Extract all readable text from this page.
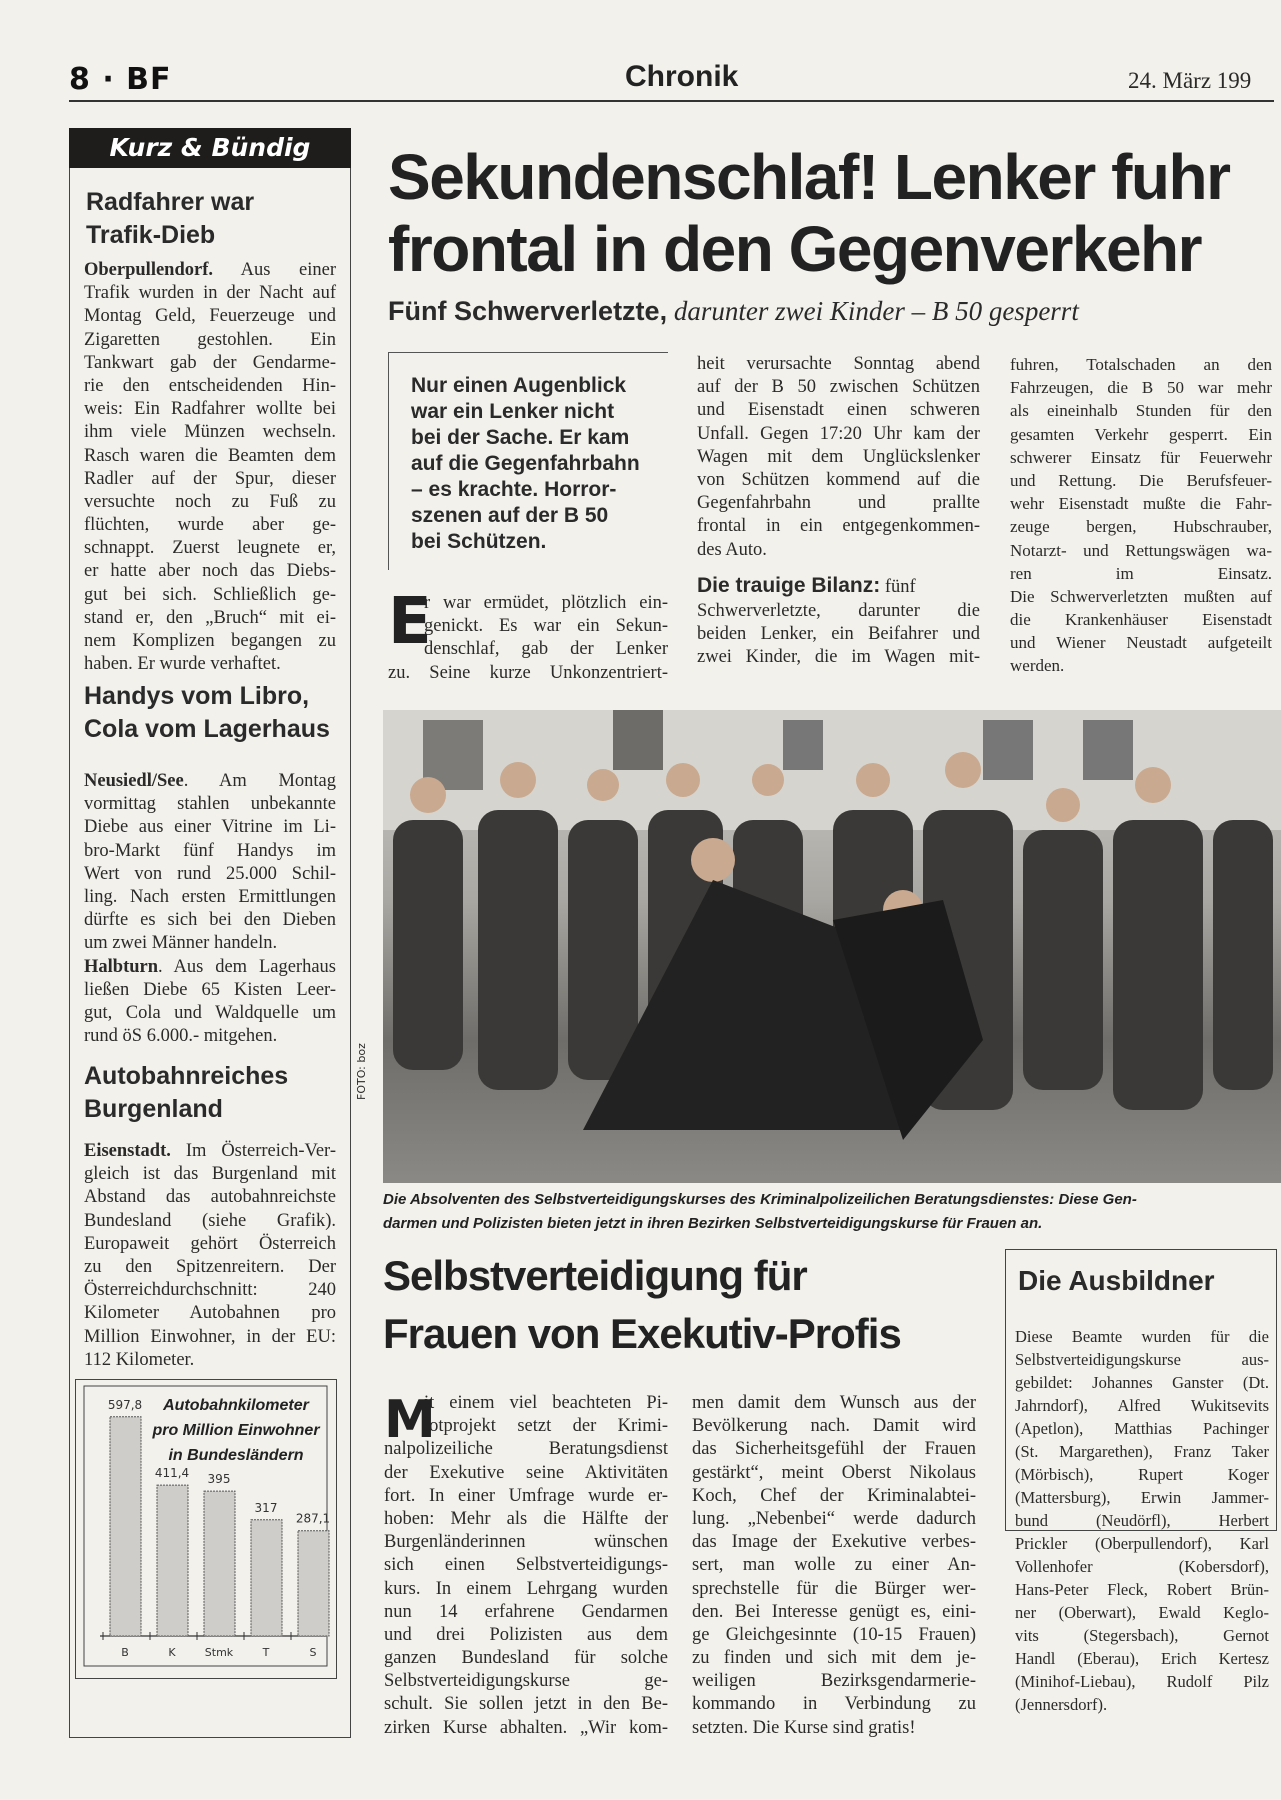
8 · BF	Chronik	24. März 199
Kurz & Bündig
Radfahrer war
Trafik-Dieb
Oberpullendorf. Aus einer
Trafik wurden in der Nacht auf
Montag Geld, Feuerzeuge und
Zigaretten gestohlen. Ein
Tankwart gab der Gendarme-
rie den entscheidenden Hin-
weis: Ein Radfahrer wollte bei
ihm viele Münzen wechseln.
Rasch waren die Beamten dem
Radler auf der Spur, dieser
versuchte noch zu Fuß zu
flüchten, wurde aber ge-
schnappt. Zuerst leugnete er,
er hatte aber noch das Diebs-
gut bei sich. Schließlich ge-
stand er, den „Bruch“ mit ei-
nem Komplizen begangen zu
haben. Er wurde verhaftet.
Handys vom Libro,
Cola vom Lagerhaus
Neusiedl/See. Am Montag
vormittag stahlen unbekannte
Diebe aus einer Vitrine im Li-
bro-Markt fünf Handys im
Wert von rund 25.000 Schil-
ling. Nach ersten Ermittlungen
dürfte es sich bei den Dieben
um zwei Männer handeln.
Halbturn. Aus dem Lagerhaus
ließen Diebe 65 Kisten Leer-
gut, Cola und Waldquelle um
rund öS 6.000.- mitgehen.
Autobahnreiches
Burgenland
Eisenstadt. Im Österreich-Ver-
gleich ist das Burgenland mit
Abstand das autobahnreichste
Bundesland (siehe Grafik).
Europaweit gehört Österreich
zu den Spitzenreitern. Der
Österreichdurchschnitt: 240
Kilometer Autobahnen pro
Million Einwohner, in der EU:
112 Kilometer.
Autobahnkilometer
pro Million Einwohner
in Bundesländern
597,8
B
411,4
K
395
Stmk
317
T
287,1
S
Sekundenschlaf! Lenker fuhr
frontal in den Gegenverkehr
Fünf Schwerverletzte, darunter zwei Kinder – B 50 gesperrt
Nur einen Augenblick
war ein Lenker nicht
bei der Sache. Er kam
auf die Gegenfahrbahn
– es krachte. Horror-
szenen auf der B 50
bei Schützen.
E
r war ermüdet, plötzlich ein-
genickt. Es war ein Sekun-
denschlaf, gab der Lenker
zu. Seine kurze Unkonzentriert-
heit verursachte Sonntag abend
auf der B 50 zwischen Schützen
und Eisenstadt einen schweren
Unfall. Gegen 17:20 Uhr kam der
Wagen mit dem Unglückslenker
von Schützen kommend auf die
Gegenfahrbahn und prallte
frontal in ein entgegenkommen-
des Auto.
Die trauige Bilanz: fünf
Schwerverletzte, darunter die
beiden Lenker, ein Beifahrer und
zwei Kinder, die im Wagen mit-
fuhren, Totalschaden an den
Fahrzeugen, die B 50 war mehr
als eineinhalb Stunden für den
gesamten Verkehr gesperrt. Ein
schwerer Einsatz für Feuerwehr
und Rettung. Die Berufsfeuer-
wehr Eisenstadt mußte die Fahr-
zeuge bergen, Hubschrauber,
Notarzt- und Rettungswägen wa-
ren im Einsatz.
Die Schwerverletzten mußten auf
die Krankenhäuser Eisenstadt
und Wiener Neustadt aufgeteilt
werden.
FOTO: boz
Die Absolventen des Selbstverteidigungskurses des Kriminalpolizeilichen Beratungsdienstes: Diese Gen-
darmen und Polizisten bieten jetzt in ihren Bezirken Selbstverteidigungskurse für Frauen an.
Selbstverteidigung für
Frauen von Exekutiv-Profis
M
it einem viel beachteten Pi-
lotprojekt setzt der Krimi-
nalpolizeiliche Beratungsdienst
der Exekutive seine Aktivitäten
fort. In einer Umfrage wurde er-
hoben: Mehr als die Hälfte der
Burgenländerinnen wünschen
sich einen Selbstverteidigungs-
kurs. In einem Lehrgang wurden
nun 14 erfahrene Gendarmen
und drei Polizisten aus dem
ganzen Bundesland für solche
Selbstverteidigungskurse ge-
schult. Sie sollen jetzt in den Be-
zirken Kurse abhalten. „Wir kom-
men damit dem Wunsch aus der
Bevölkerung nach. Damit wird
das Sicherheitsgefühl der Frauen
gestärkt“, meint Oberst Nikolaus
Koch, Chef der Kriminalabtei-
lung. „Nebenbei“ werde dadurch
das Image der Exekutive verbes-
sert, man wolle zu einer An-
sprechstelle für die Bürger wer-
den. Bei Interesse genügt es, eini-
ge Gleichgesinnte (10-15 Frauen)
zu finden und sich mit dem je-
weiligen Bezirksgendarmerie-
kommando in Verbindung zu
setzten. Die Kurse sind gratis!
Die Ausbildner
Diese Beamte wurden für die
Selbstverteidigungskurse aus-
gebildet: Johannes Ganster (Dt.
Jahrndorf), Alfred Wukitsevits
(Apetlon), Matthias Pachinger
(St. Margarethen), Franz Taker
(Mörbisch), Rupert Koger
(Mattersburg), Erwin Jammer-
bund (Neudörfl), Herbert
Prickler (Oberpullendorf), Karl
Vollenhofer (Kobersdorf),
Hans-Peter Fleck, Robert Brün-
ner (Oberwart), Ewald Keglo-
vits (Stegersbach), Gernot
Handl (Eberau), Erich Kertesz
(Minihof-Liebau), Rudolf Pilz
(Jennersdorf).
